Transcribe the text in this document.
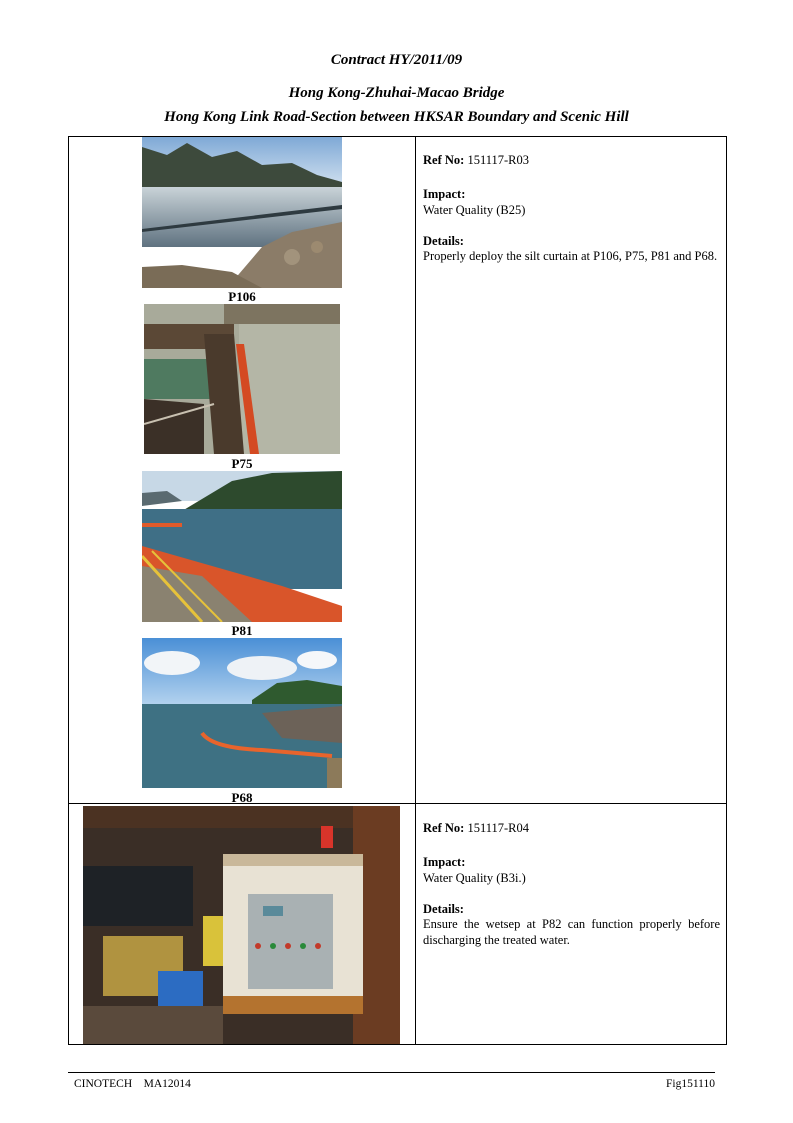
Contract HY/2011/09
Hong Kong-Zhuhai-Macao Bridge
Hong Kong Link Road-Section between HKSAR Boundary and Scenic Hill
P106
P75
P81
P68
Ref No: 151117-R03
Impact:
Water Quality (B25)
Details:
Properly deploy the silt curtain at P106, P75, P81 and P68.
Ref No: 151117-R04
Impact:
Water Quality (B3i.)
Details:
Ensure the wetsep at P82 can function properly before discharging the treated water.
CINOTECH    MA12014	Fig151110
